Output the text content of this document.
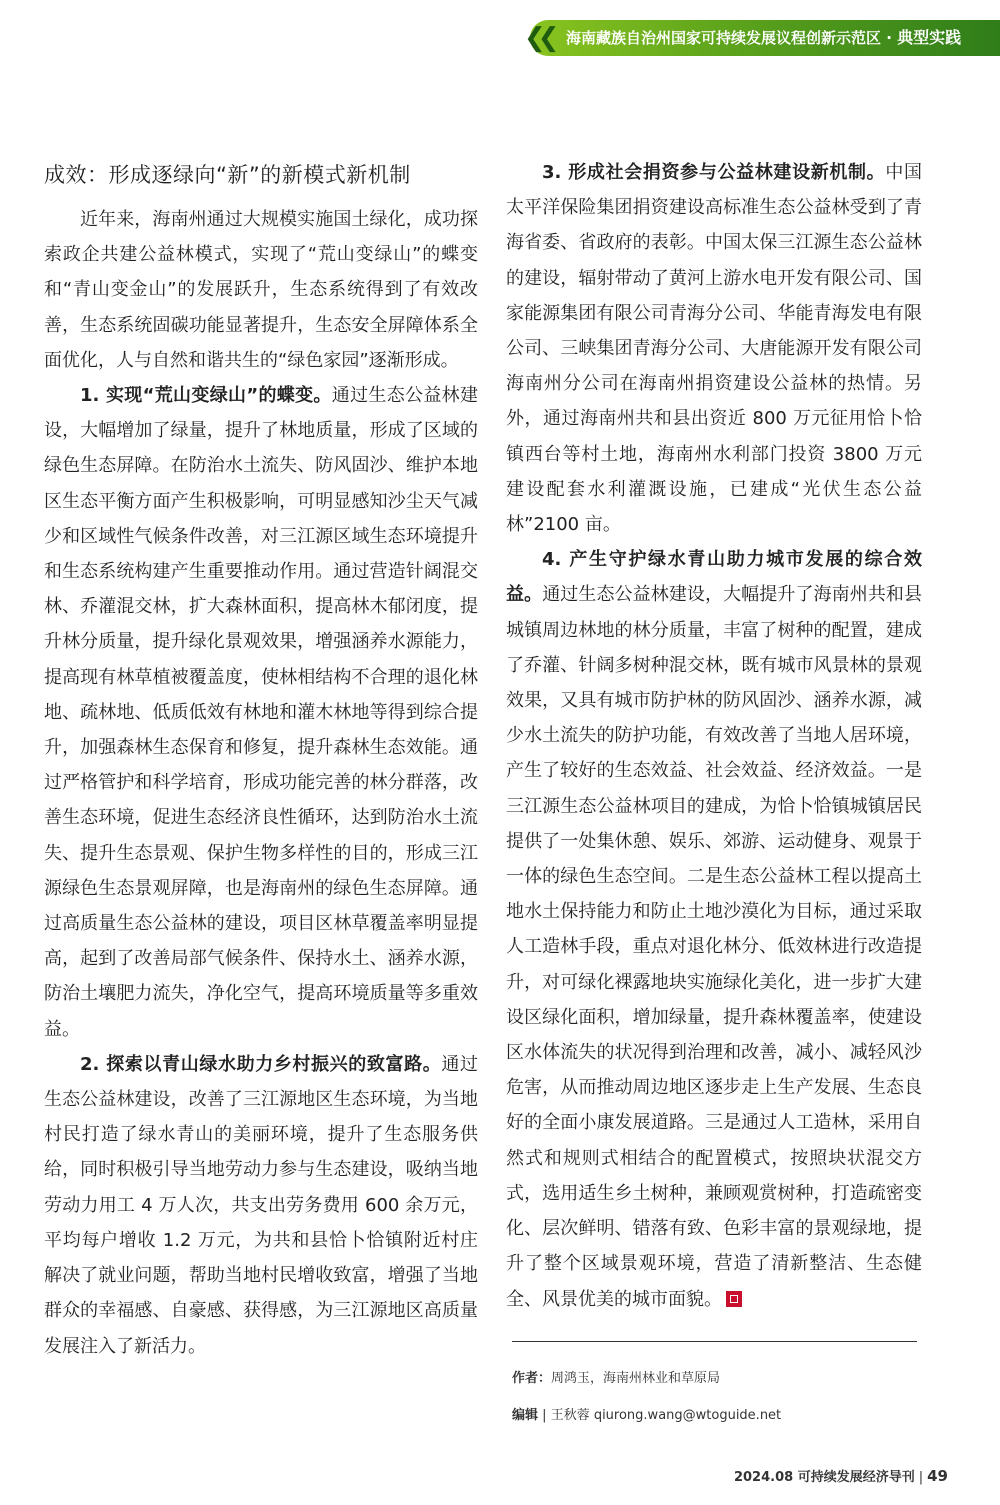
❮❮ 海南藏族自治州国家可持续发展议程创新示范区 · 典型实践
成效：形成逐绿向“新”的新模式新机制

近年来，海南州通过大规模实施国土绿化，成功探索政企共建公益林模式，实现了“荒山变绿山”的蝶变和“青山变金山”的发展跃升，生态系统得到了有效改善，生态系统固碳功能显著提升，生态安全屏障体系全面优化，人与自然和谐共生的“绿色家园”逐渐形成。

1. 实现“荒山变绿山”的蝶变。通过生态公益林建设，大幅增加了绿量，提升了林地质量，形成了区域的绿色生态屏障。在防治水土流失、防风固沙、维护本地区生态平衡方面产生积极影响，可明显感知沙尘天气减少和区域性气候条件改善，对三江源区域生态环境提升和生态系统构建产生重要推动作用。通过营造针阔混交林、乔灌混交林，扩大森林面积，提高林木郁闭度，提升林分质量，提升绿化景观效果，增强涵养水源能力，提高现有林草植被覆盖度，使林相结构不合理的退化林地、疏林地、低质低效有林地和灌木林地等得到综合提升，加强森林生态保育和修复，提升森林生态效能。通过严格管护和科学培育，形成功能完善的林分群落，改善生态环境，促进生态经济良性循环，达到防治水土流失、提升生态景观、保护生物多样性的目的，形成三江源绿色生态景观屏障，也是海南州的绿色生态屏障。通过高质量生态公益林的建设，项目区林草覆盖率明显提高，起到了改善局部气候条件、保持水土、涵养水源，防治土壤肥力流失，净化空气，提高环境质量等多重效益。

2. 探索以青山绿水助力乡村振兴的致富路。通过生态公益林建设，改善了三江源地区生态环境，为当地村民打造了绿水青山的美丽环境，提升了生态服务供给，同时积极引导当地劳动力参与生态建设，吸纳当地劳动力用工 4 万人次，共支出劳务费用 600 余万元，平均每户增收 1.2 万元，为共和县恰卜恰镇附近村庄解决了就业问题，帮助当地村民增收致富，增强了当地群众的幸福感、自豪感、获得感，为三江源地区高质量发展注入了新活力。

3. 形成社会捐资参与公益林建设新机制。中国太平洋保险集团捐资建设高标准生态公益林受到了青海省委、省政府的表彰。中国太保三江源生态公益林的建设，辐射带动了黄河上游水电开发有限公司、国家能源集团有限公司青海分公司、华能青海发电有限公司、三峡集团青海分公司、大唐能源开发有限公司海南州分公司在海南州捐资建设公益林的热情。另外，通过海南州共和县出资近 800 万元征用恰卜恰镇西台等村土地，海南州水利部门投资 3800 万元建设配套水利灌溉设施，已建成“光伏生态公益林”2100 亩。

4. 产生守护绿水青山助力城市发展的综合效益。通过生态公益林建设，大幅提升了海南州共和县城镇周边林地的林分质量，丰富了树种的配置，建成了乔灌、针阔多树种混交林，既有城市风景林的景观效果，又具有城市防护林的防风固沙、涵养水源，减少水土流失的防护功能，有效改善了当地人居环境，产生了较好的生态效益、社会效益、经济效益。一是三江源生态公益林项目的建成，为恰卜恰镇城镇居民提供了一处集休憩、娱乐、郊游、运动健身、观景于一体的绿色生态空间。二是生态公益林工程以提高土地水土保持能力和防止土地沙漠化为目标，通过采取人工造林手段，重点对退化林分、低效林进行改造提升，对可绿化裸露地块实施绿化美化，进一步扩大建设区绿化面积，增加绿量，提升森林覆盖率，使建设区水体流失的状况得到治理和改善，减小、减轻风沙危害，从而推动周边地区逐步走上生产发展、生态良好的全面小康发展道路。三是通过人工造林，采用自然式和规则式相结合的配置模式，按照块状混交方式，选用适生乡土树种，兼顾观赏树种，打造疏密变化、层次鲜明、错落有致、色彩丰富的景观绿地，提升了整个区域景观环境，营造了清新整洁、生态健全、风景优美的城市面貌。

作者：周鸿玉，海南州林业和草原局
编辑 | 王秋蓉 qiurong.wang@wtoguide.net
2024.08 可持续发展经济导刊 | 49
